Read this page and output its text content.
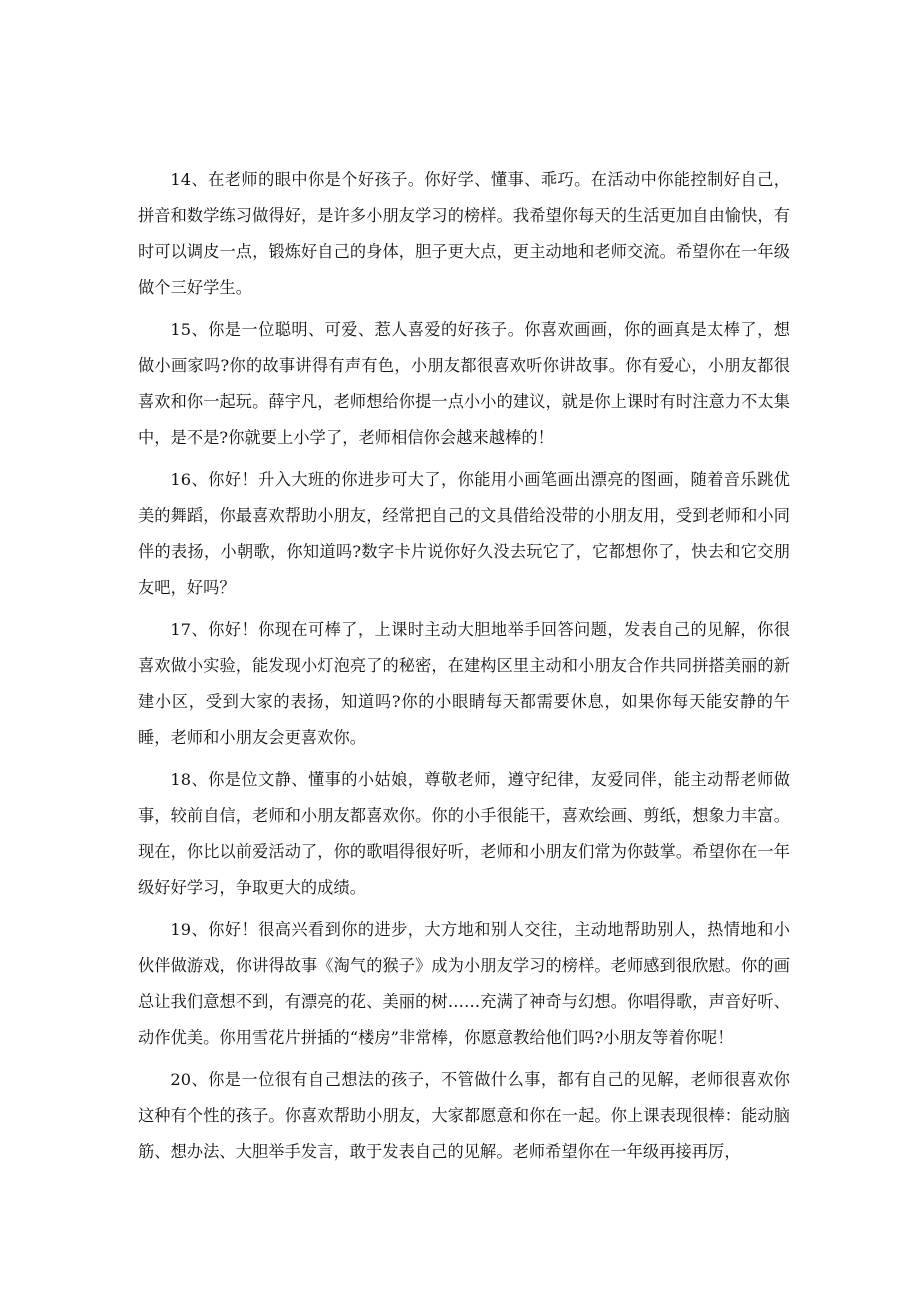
14、在老师的眼中你是个好孩子。你好学、懂事、乖巧。在活动中你能控制好自己，拼音和数学练习做得好，是许多小朋友学习的榜样。我希望你每天的生活更加自由愉快，有时可以调皮一点，锻炼好自己的身体，胆子更大点，更主动地和老师交流。希望你在一年级做个三好学生。

15、你是一位聪明、可爱、惹人喜爱的好孩子。你喜欢画画，你的画真是太棒了，想做小画家吗?你的故事讲得有声有色，小朋友都很喜欢听你讲故事。你有爱心，小朋友都很喜欢和你一起玩。薛宇凡，老师想给你提一点小小的建议，就是你上课时有时注意力不太集中，是不是?你就要上小学了，老师相信你会越来越棒的！

16、你好！升入大班的你进步可大了，你能用小画笔画出漂亮的图画，随着音乐跳优美的舞蹈，你最喜欢帮助小朋友，经常把自己的文具借给没带的小朋友用，受到老师和小同伴的表扬，小朝歌，你知道吗?数字卡片说你好久没去玩它了，它都想你了，快去和它交朋友吧，好吗？

17、你好！你现在可棒了，上课时主动大胆地举手回答问题，发表自己的见解，你很喜欢做小实验，能发现小灯泡亮了的秘密，在建构区里主动和小朋友合作共同拼搭美丽的新建小区，受到大家的表扬，知道吗?你的小眼睛每天都需要休息，如果你每天能安静的午睡，老师和小朋友会更喜欢你。

18、你是位文静、懂事的小姑娘，尊敬老师，遵守纪律，友爱同伴，能主动帮老师做事，较前自信，老师和小朋友都喜欢你。你的小手很能干，喜欢绘画、剪纸，想象力丰富。现在，你比以前爱活动了，你的歌唱得很好听，老师和小朋友们常为你鼓掌。希望你在一年级好好学习，争取更大的成绩。

19、你好！很高兴看到你的进步，大方地和别人交往，主动地帮助别人，热情地和小伙伴做游戏，你讲得故事《淘气的猴子》成为小朋友学习的榜样。老师感到很欣慰。你的画总让我们意想不到，有漂亮的花、美丽的树……充满了神奇与幻想。你唱得歌，声音好听、动作优美。你用雪花片拼插的“楼房”非常棒，你愿意教给他们吗?小朋友等着你呢！

20、你是一位很有自己想法的孩子，不管做什么事，都有自己的见解，老师很喜欢你这种有个性的孩子。你喜欢帮助小朋友，大家都愿意和你在一起。你上课表现很棒：能动脑筋、想办法、大胆举手发言，敢于发表自己的见解。老师希望你在一年级再接再厉，
